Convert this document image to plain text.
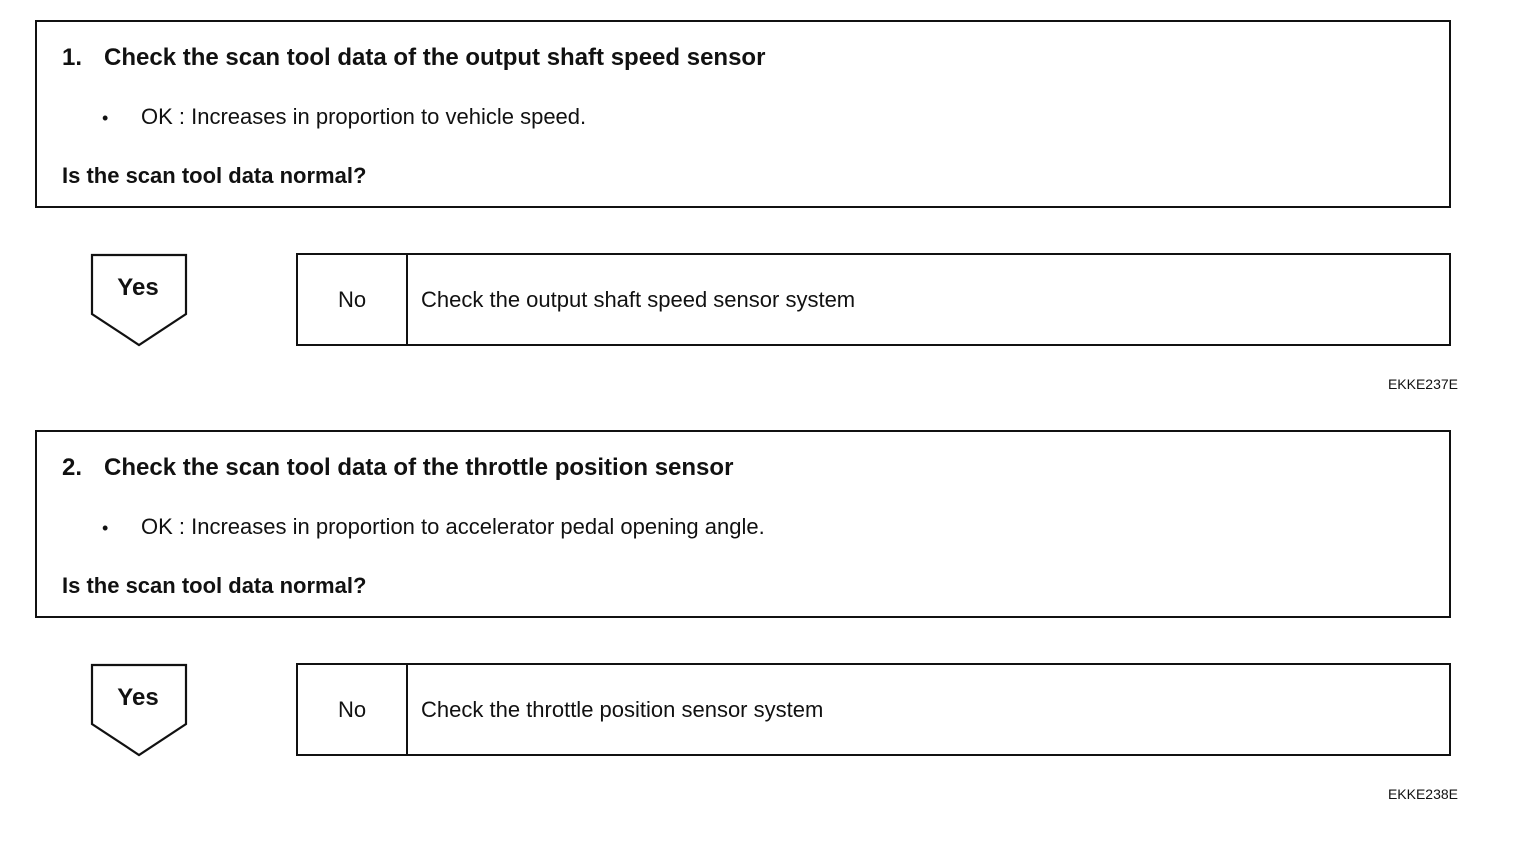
1. Check the scan tool data of the output shaft speed sensor
• OK : Increases in proportion to vehicle speed.

Is the scan tool data normal?

Yes	No	Check the output shaft speed sensor system
EKKE237E
2. Check the scan tool data of the throttle position sensor
• OK : Increases in proportion to accelerator pedal opening angle.

Is the scan tool data normal?

Yes	No	Check the throttle position sensor system
EKKE238E
